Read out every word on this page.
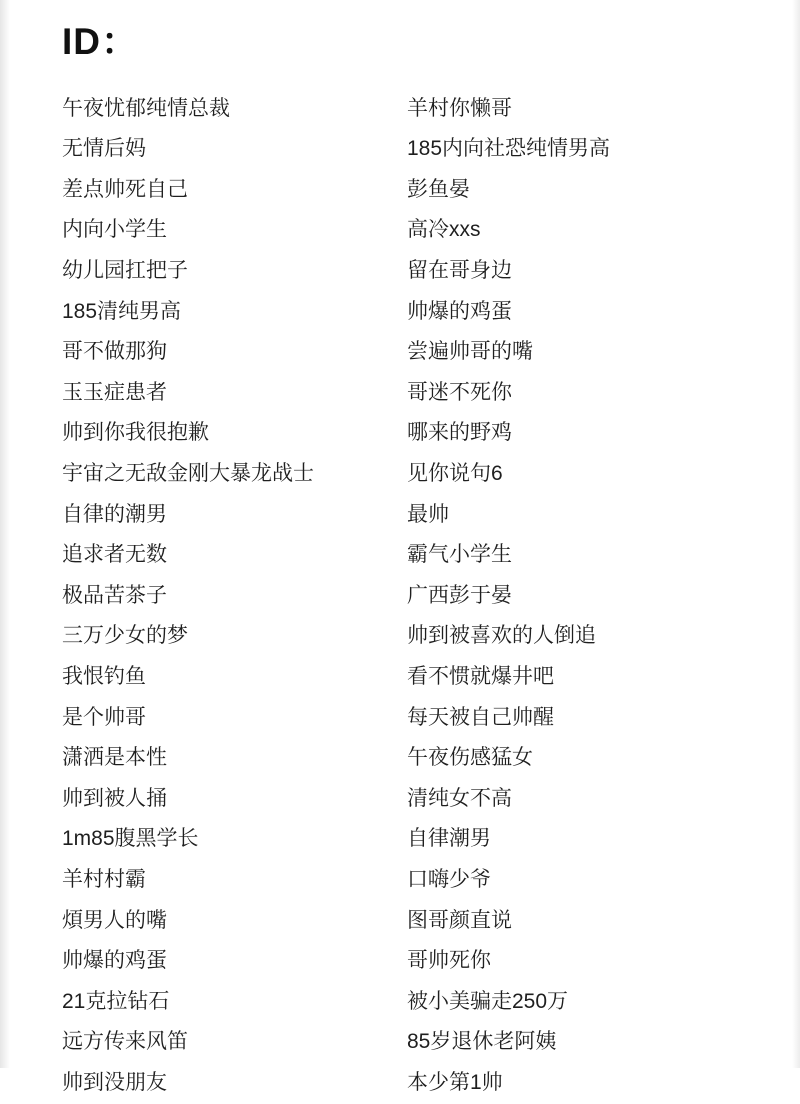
ID：
午夜忧郁纯情总裁
无情后妈
差点帅死自己
内向小学生
幼儿园扛把子
185清纯男高
哥不做那狗
玉玉症患者
帅到你我很抱歉
宇宙之无敌金刚大暴龙战士
自律的潮男
追求者无数
极品苦茶子
三万少女的梦
我恨钓鱼
是个帅哥
潇洒是本性
帅到被人捅
1m85腹黑学长
羊村村霸
煩男人的嘴
帅爆的鸡蛋
21克拉钻石
远方传来风笛
帅到没朋友
羊村你懒哥
185内向社恐纯情男高
彭鱼晏
高冷xxs
留在哥身边
帅爆的鸡蛋
尝遍帅哥的嘴
哥迷不死你
哪来的野鸡
见你说句6
最帅
霸气小学生
广西彭于晏
帅到被喜欢的人倒追
看不惯就爆井吧
每天被自己帅醒
午夜伤感猛女
清纯女不高
自律潮男
口嗨少爷
图哥颜直说
哥帅死你
被小美骗走250万
85岁退休老阿姨
本少第1帅
